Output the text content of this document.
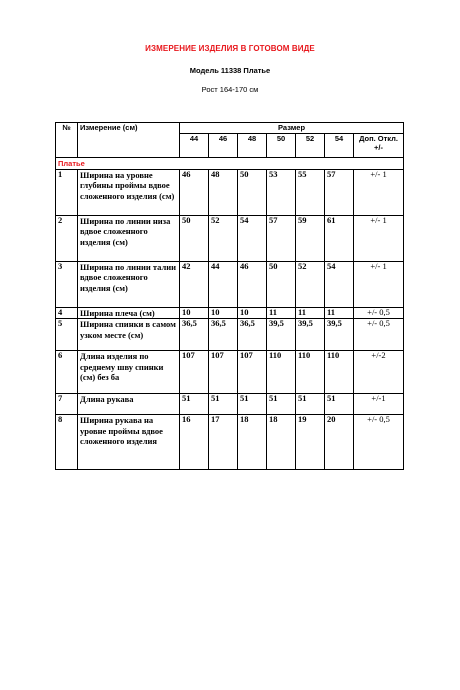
ИЗМЕРЕНИЕ ИЗДЕЛИЯ В ГОТОВОМ ВИДЕ
Модель 11338 Платье
Рост 164-170 см
№	Измерение (см)	Размер						
		44	46	48	50	52	54	Доп. Откл. +/-
Платье								
1	Ширина на уровне глубины проймы вдвое сложенного изделия (см)	46	48	50	53	55	57	+/- 1
2	Ширина по линии низа вдвое сложенного изделия (см)	50	52	54	57	59	61	+/- 1
3	Ширина по линии талии вдвое сложенного изделия (см)	42	44	46	50	52	54	+/- 1
4	Ширина плеча (см)	10	10	10	11	11	11	+/- 0,5
5	Ширина спинки в самом узком месте (см)	36,5	36,5	36,5	39,5	39,5	39,5	+/- 0,5
6	Длина изделия по среднему шву спинки (см) без ба	107	107	107	110	110	110	+/-2
7	Длина рукава	51	51	51	51	51	51	+/-1
8	Ширина рукава на уровне проймы вдвое сложенного изделия	16	17	18	18	19	20	+/- 0,5
